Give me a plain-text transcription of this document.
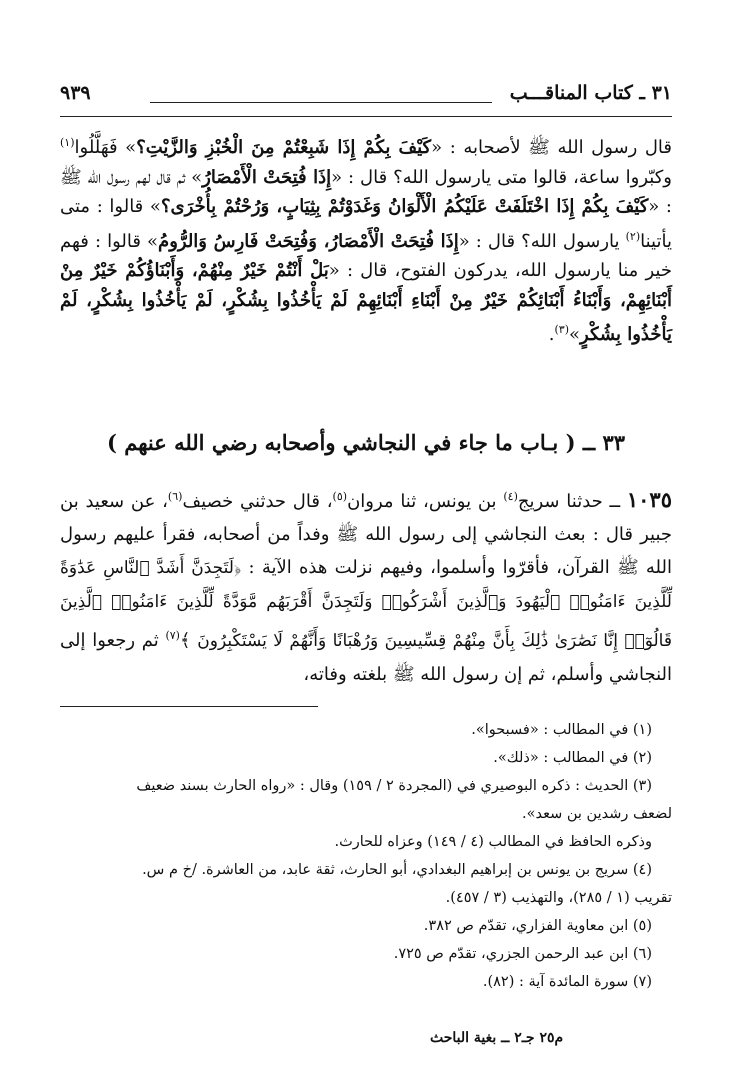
٣١ ـ كتاب المناقـــب
٩٣٩

قال رسول الله ﷺ لأصحابه : «كَيْفَ بِكُمْ إِذَا شَبِعْتُمْ مِنَ الْخُبْزِ وَالزَّيْتِ؟» فَهَلَّلُوا$^{(١)}$ وكبّروا ساعة، قالوا متى يارسول الله؟ قال : «إِذَا فُتِحَتْ الْأَمْصَارُ» ثم قال لهم رسول الله ﷺ : «كَيْفَ بِكُمْ إِذَا اخْتَلَفَتْ عَلَيْكُمُ الْأَلْوَانُ وَغَدَوْتُمْ بِثِيَابٍ، وَرُحْتُمْ بِأُخْرَى؟» قالوا : متى يأتينا$^{(٢)}$ يارسول الله؟ قال : «إِذَا فُتِحَتْ الْأَمْصَارُ، وَفُتِحَتْ فَارِسُ وَالرُّومُ» قالوا : فهم خير منا يارسول الله، يدركون الفتوح، قال : «بَلْ أَنْتُمْ خَيْرٌ مِنْهُمْ، وَأَبْنَاؤُكُمْ خَيْرٌ مِنْ أَبْنَائِهِمْ، وَأَبْنَاءُ أَبْنَائِكُمْ خَيْرٌ مِنْ أَبْنَاءِ أَبْنَائِهِمْ لَمْ يَأْخُذُوا بِشُكْرٍ، لَمْ يَأْخُذُوا بِشُكْرٍ، لَمْ يَأْخُذُوا بِشُكْرٍ»$^{(٣)}$.

٣٣ ــ ( بـاب ما جاء في النجاشي وأصحابه رضي الله عنهم )

١٠٣٥ ــ حدثنا سريج$^{(٤)}$ بن يونس، ثنا مروان$^{(٥)}$، قال حدثني خصيف$^{(٦)}$، عن سعيد بن جبير قال : بعث النجاشي إلى رسول الله ﷺ وفداً من أصحابه، فقرأ عليهم رسول الله ﷺ القرآن، فأقرّوا وأسلموا، وفيهم نزلت هذه الآية : ﴿لَتَجِدَنَّ أَشَدَّ ٱلنَّاسِ عَدَٰوَةً لِّلَّذِينَ ءَامَنُوا۟ ٱلْيَهُودَ وَٱلَّذِينَ أَشْرَكُوا۟ وَلَتَجِدَنَّ أَقْرَبَهُم مَّوَدَّةً لِّلَّذِينَ ءَامَنُوا۟ ٱلَّذِينَ قَالُوٓا۟ إِنَّا نَصَٰرَىٰ ذَٰلِكَ بِأَنَّ مِنْهُمْ قِسِّيسِينَ وَرُهْبَانًا وَأَنَّهُمْ لَا يَسْتَكْبِرُونَ ﴾$^{(٧)}$ ثم رجعوا إلى النجاشي وأسلم، ثم إن رسول الله ﷺ بلغته وفاته،

(١) في المطالب : «فسبحوا».
(٢) في المطالب : «ذلك».
(٣) الحديث : ذكره البوصيري في (المجردة ٢ / ١٥٩) وقال : «رواه الحارث بسند ضعيف
لضعف رشدين بن سعد».
وذكره الحافظ في المطالب (٤ / ١٤٩) وعزاه للحارث.
(٤) سريج بن يونس بن إبراهيم البغدادي، أبو الحارث، ثقة عابد، من العاشرة. /خ م س.
تقريب (١ / ٢٨٥)، والتهذيب (٣ / ٤٥٧).
(٥) ابن معاوية الفزاري، تقدّم ص ٣٨٢.
(٦) ابن عبد الرحمن الجزري، تقدّم ص ٧٢٥.
(٧) سورة المائدة آية : (٨٢).
م٢٥ جـ٢ ــ بغية الباحث
